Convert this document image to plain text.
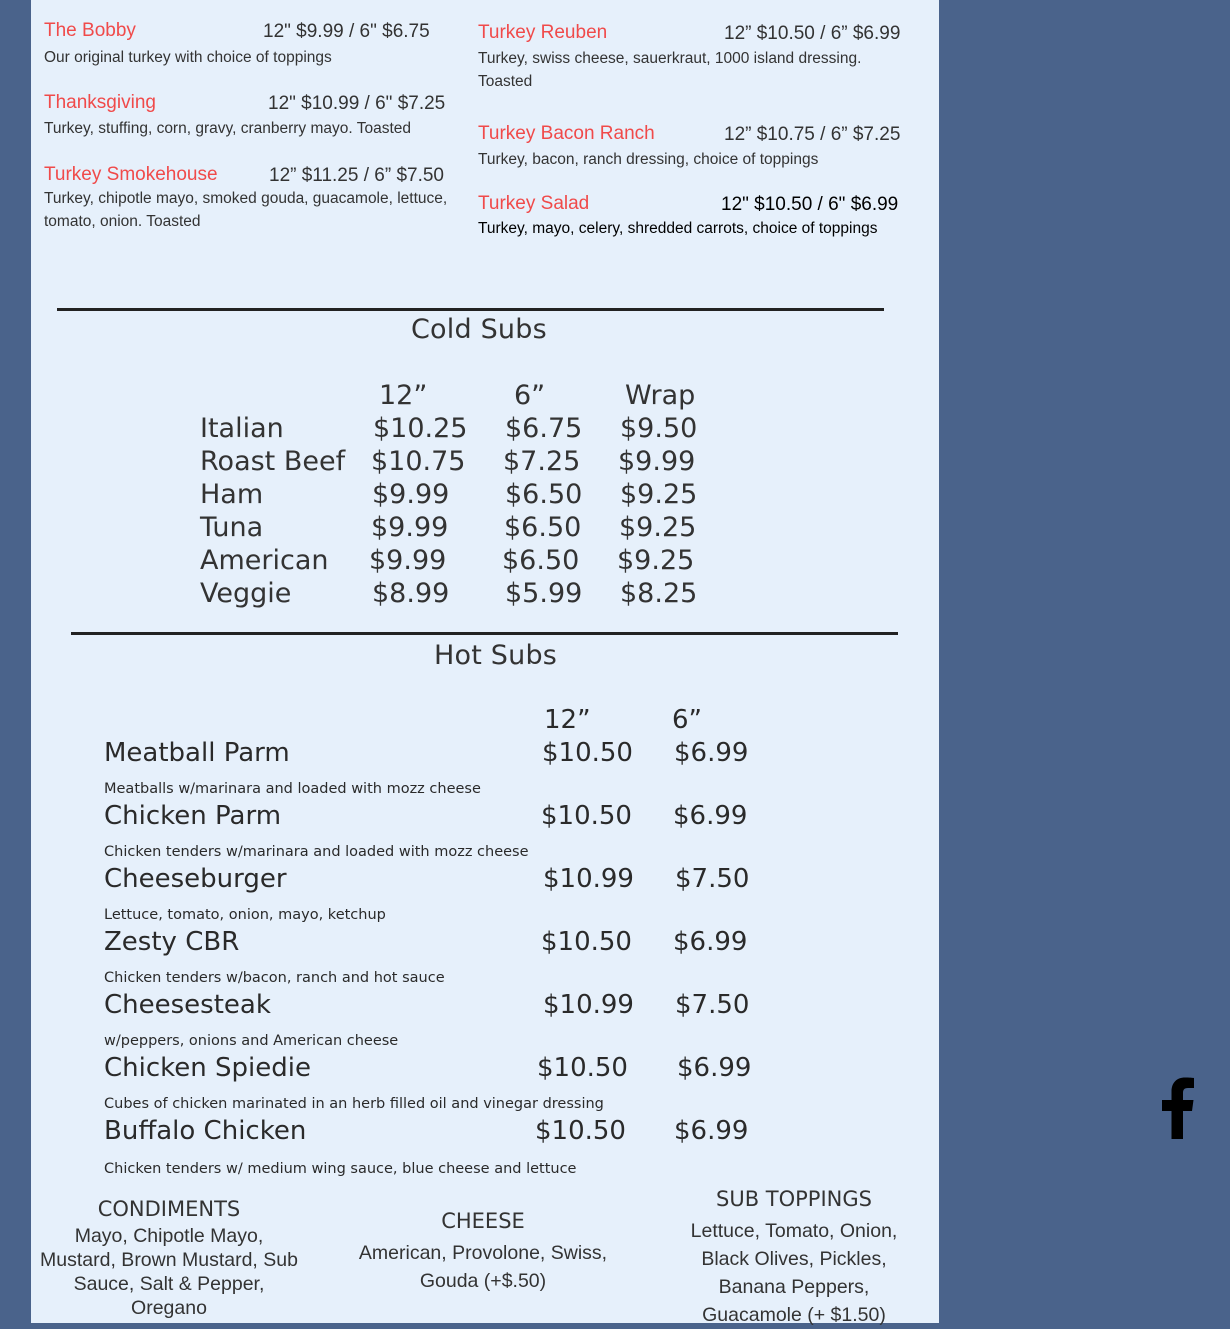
The Bobby	12" $9.99 / 6" $6.75
Our original turkey with choice of toppings
Thanksgiving	12" $10.99 / 6" $7.25
Turkey, stuffing, corn, gravy, cranberry mayo. Toasted
Turkey Smokehouse	12” $11.25 / 6” $7.50
Turkey, chipotle mayo, smoked gouda, guacamole, lettuce, tomato, onion. Toasted
Turkey Reuben	12” $10.50 / 6” $6.99
Turkey, swiss cheese, sauerkraut, 1000 island dressing. Toasted
Turkey Bacon Ranch	12” $10.75 / 6” $7.25
Turkey, bacon, ranch dressing, choice of toppings
Turkey Salad	12" $10.50 / 6" $6.99
Turkey, mayo, celery, shredded carrots, choice of toppings
Cold Subs
12”	6”	Wrap
Italian	$10.25 $6.75 $9.50
Roast Beef $10.75 $7.25 $9.99
Ham	$9.99 $6.50 $9.25
Tuna	$9.99 $6.50 $9.25
American $9.99 $6.50 $9.25
Veggie	$8.99 $5.99 $8.25
Hot Subs
12”	6”
Meatball Parm	$10.50 $6.99
Meatballs w/marinara and loaded with mozz cheese
Chicken Parm	$10.50 $6.99
Chicken tenders w/marinara and loaded with mozz cheese
Cheeseburger	$10.99 $7.50
Lettuce, tomato, onion, mayo, ketchup
Zesty CBR	$10.50 $6.99
Chicken tenders w/bacon, ranch and hot sauce
Cheesesteak	$10.99 $7.50
w/peppers, onions and American cheese
Chicken Spiedie	$10.50 $6.99
Cubes of chicken marinated in an herb filled oil and vinegar dressing
Buffalo Chicken	$10.50 $6.99
Chicken tenders w/ medium wing sauce, blue cheese and lettuce
CONDIMENTS
Mayo, Chipotle Mayo, Mustard, Brown Mustard, Sub Sauce, Salt & Pepper, Oregano
CHEESE
American, Provolone, Swiss, Gouda (+$.50)
SUB TOPPINGS
Lettuce, Tomato, Onion, Black Olives, Pickles, Banana Peppers, Guacamole (+ $1.50)
